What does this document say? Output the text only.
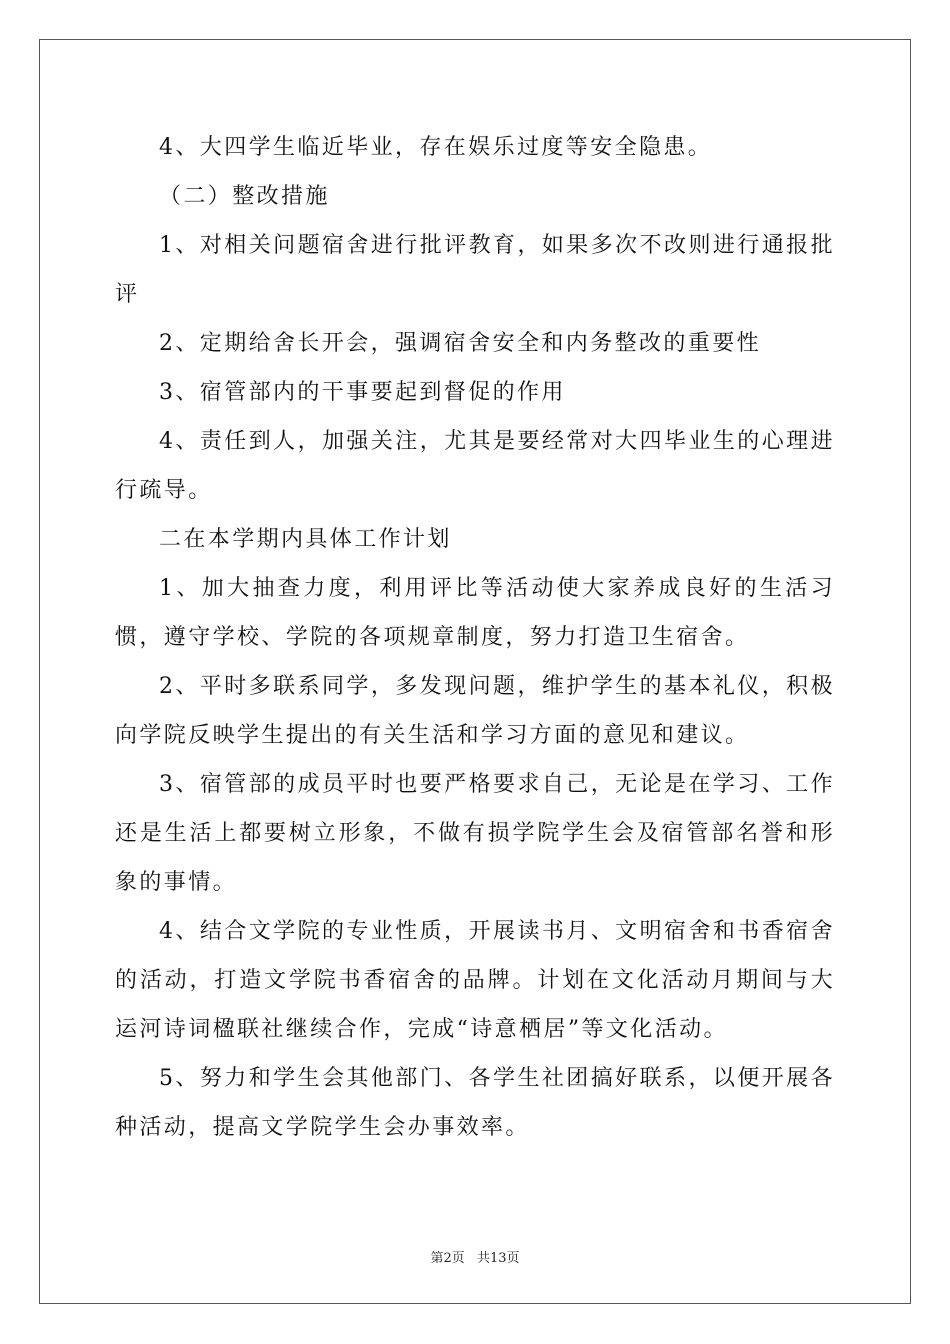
4、大四学生临近毕业，存在娱乐过度等安全隐患。

（二）整改措施

1、对相关问题宿舍进行批评教育，如果多次不改则进行通报批评

2、定期给舍长开会，强调宿舍安全和内务整改的重要性

3、宿管部内的干事要起到督促的作用

4、责任到人，加强关注，尤其是要经常对大四毕业生的心理进行疏导。

二在本学期内具体工作计划

1、加大抽查力度，利用评比等活动使大家养成良好的生活习惯，遵守学校、学院的各项规章制度，努力打造卫生宿舍。

2、平时多联系同学，多发现问题，维护学生的基本礼仪，积极向学院反映学生提出的有关生活和学习方面的意见和建议。

3、宿管部的成员平时也要严格要求自己，无论是在学习、工作还是生活上都要树立形象，不做有损学院学生会及宿管部名誉和形象的事情。

4、结合文学院的专业性质，开展读书月、文明宿舍和书香宿舍的活动，打造文学院书香宿舍的品牌。计划在文化活动月期间与大运河诗词楹联社继续合作，完成“诗意栖居”等文化活动。

5、努力和学生会其他部门、各学生社团搞好联系，以便开展各种活动，提高文学院学生会办事效率。

第2页 共13页
